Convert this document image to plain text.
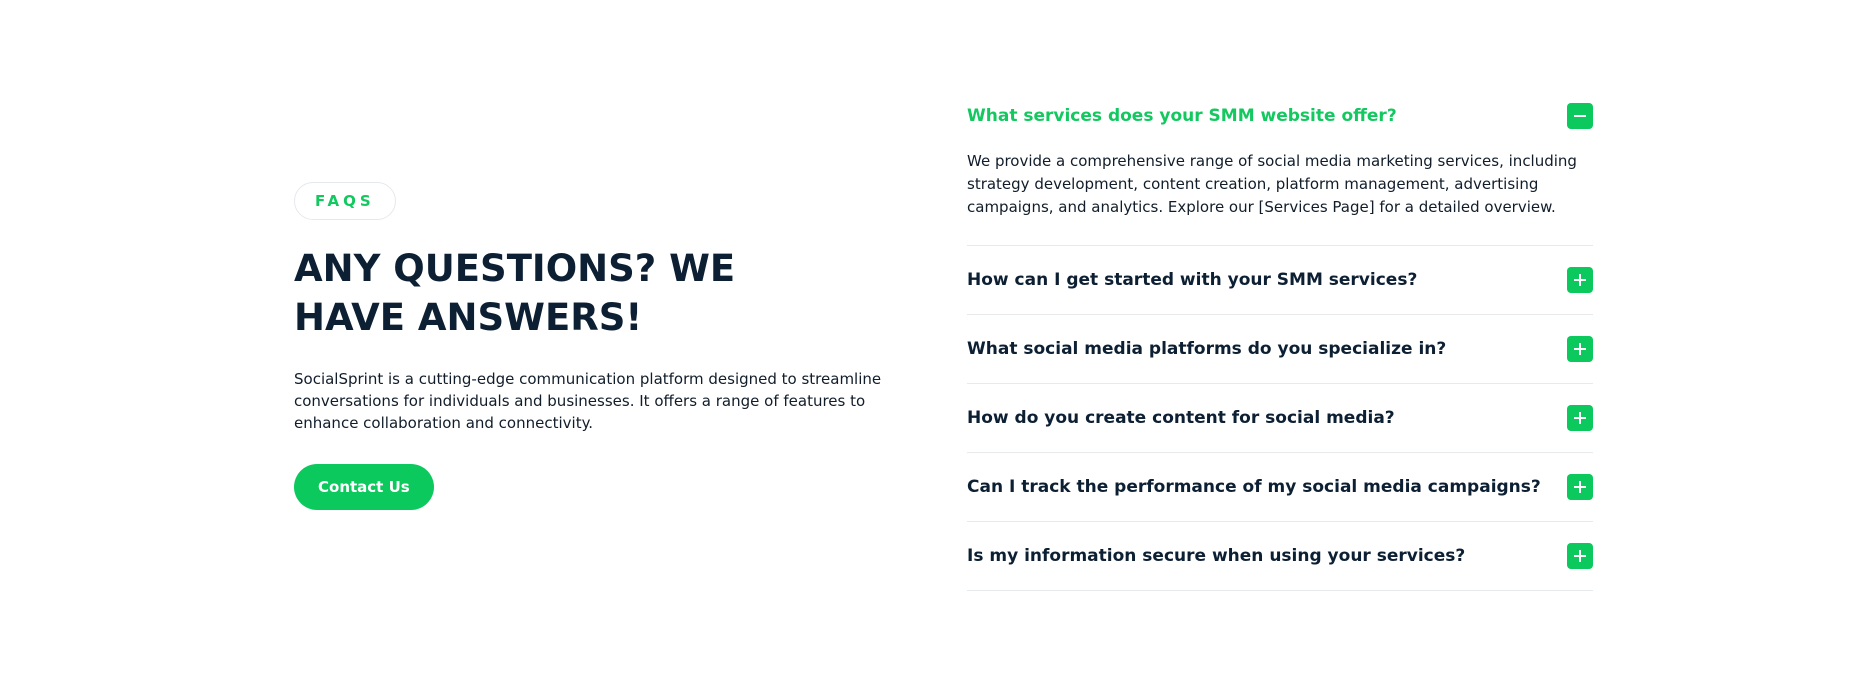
FAQS
ANY QUESTIONS? WE HAVE ANSWERS!

SocialSprint is a cutting-edge communication platform designed to streamline conversations for individuals and businesses. It offers a range of features to enhance collaboration and connectivity.

Contact Us
What services does your SMM website offer?
We provide a comprehensive range of social media marketing services, including strategy development, content creation, platform management, advertising campaigns, and analytics. Explore our [Services Page] for a detailed overview.
How can I get started with your SMM services?
What social media platforms do you specialize in?
How do you create content for social media?
Can I track the performance of my social media campaigns?
Is my information secure when using your services?
